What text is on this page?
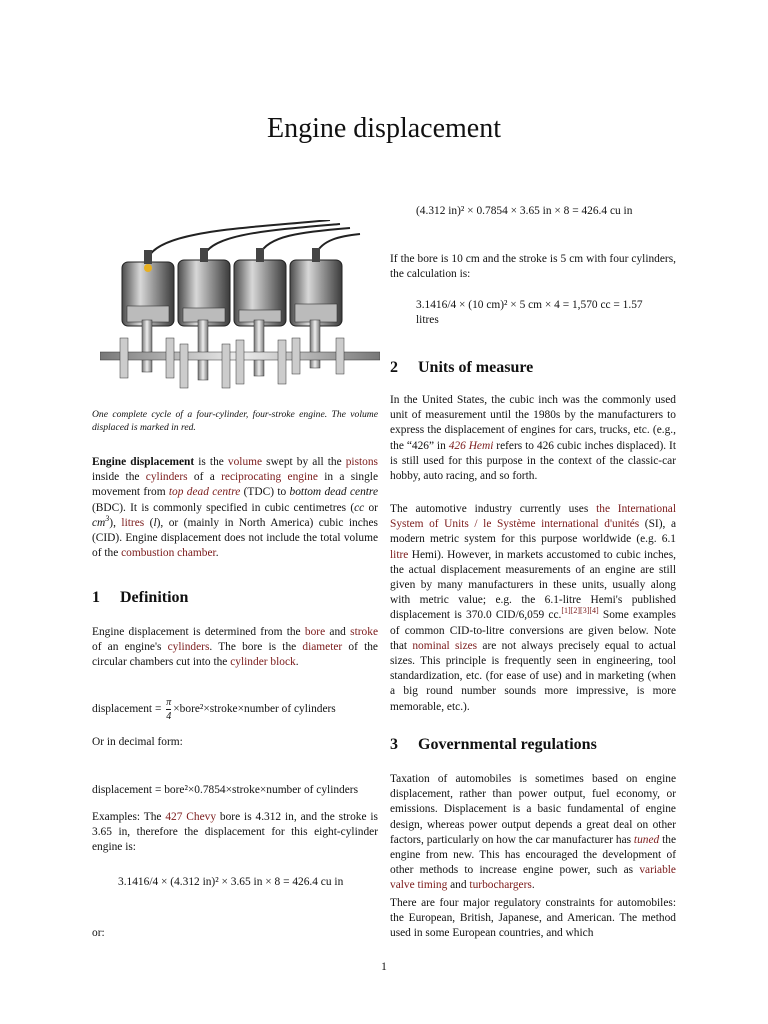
Engine displacement
One complete cycle of a four-cylinder, four-stroke engine. The volume displaced is marked in red.
Engine displacement is the volume swept by all the pistons inside the cylinders of a reciprocating engine in a single movement from top dead centre (TDC) to bottom dead centre (BDC). It is commonly specified in cubic centimetres (cc or $cm^3$), litres (l), or (mainly in North America) cubic inches (CID). Engine displacement does not include the total volume of the combustion chamber.
1 Definition
Engine displacement is determined from the bore and stroke of an engine's cylinders. The bore is the diameter of the circular chambers cut into the cylinder block.
displacement = $\frac{\pi}{4}$ ×bore²×stroke×number of cylinders
Or in decimal form:
displacement = bore²×0.7854×stroke×number of cylinders
Examples: The 427 Chevy bore is 4.312 in, and the stroke is 3.65 in, therefore the displacement for this eight-cylinder engine is:
3.1416/4 × (4.312 in)² × 3.65 in × 8 = 426.4 cu in
or:
(4.312 in)² × 0.7854 × 3.65 in × 8 = 426.4 cu in
If the bore is 10 cm and the stroke is 5 cm with four cylinders, the calculation is:
3.1416/4 × (10 cm)² × 5 cm × 4 = 1,570 cc = 1.57 litres
2 Units of measure
In the United States, the cubic inch was the commonly used unit of measurement until the 1980s by the manufacturers to express the displacement of engines for cars, trucks, etc. (e.g., the “426” in 426 Hemi refers to 426 cubic inches displaced). It is still used for this purpose in the context of the classic-car hobby, auto racing, and so forth.
The automotive industry currently uses the International System of Units / le Système international d'unités (SI), a modern metric system for this purpose worldwide (e.g. 6.1 litre Hemi). However, in markets accustomed to cubic inches, the actual displacement measurements of an engine are still given by many manufacturers in these units, usually along with metric value; e.g. the 6.1-litre Hemi's published displacement is 370.0 CID/6,059 cc.[1][2][3][4] Some examples of common CID-to-litre conversions are given below. Note that nominal sizes are not always precisely equal to actual sizes. This principle is frequently seen in engineering, tool standardization, etc. (for ease of use) and in marketing (when a big round number sounds more impressive, is more memorable, etc.).
3 Governmental regulations
Taxation of automobiles is sometimes based on engine displacement, rather than power output, fuel economy, or emissions. Displacement is a basic fundamental of engine design, whereas power output depends a great deal on other factors, particularly on how the car manufacturer has tuned the engine from new. This has encouraged the development of other methods to increase engine power, such as variable valve timing and turbochargers.
There are four major regulatory constraints for automobiles: the European, British, Japanese, and American. The method used in some European countries, and which
1
